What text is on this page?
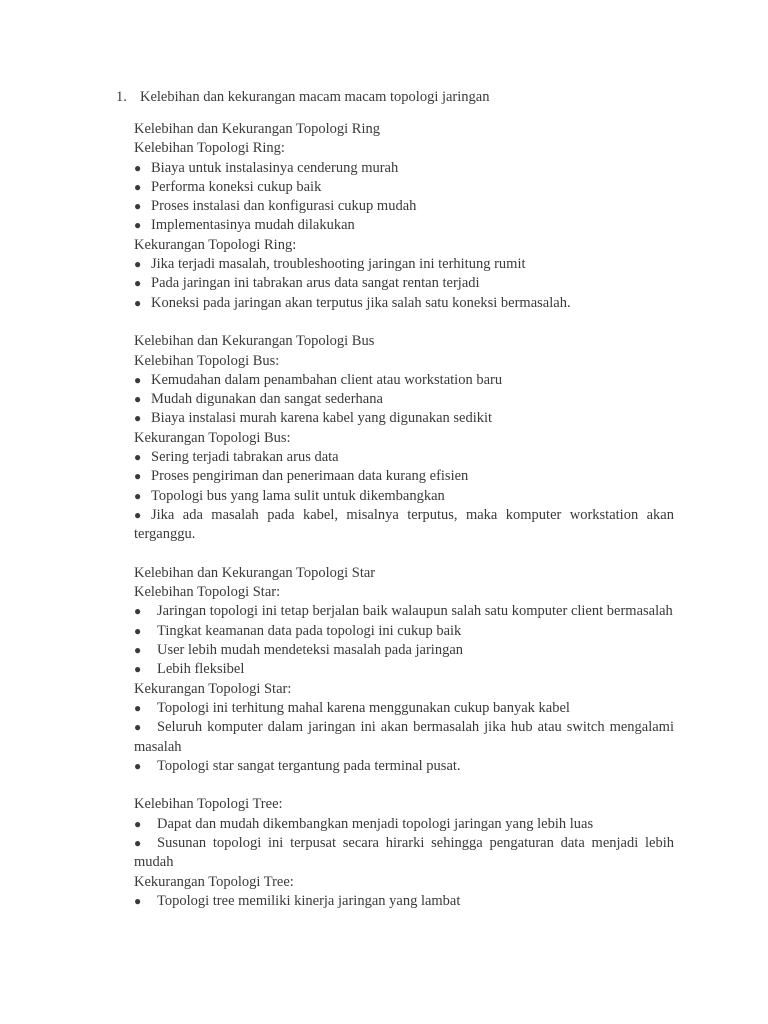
1. Kelebihan dan kekurangan macam macam topologi jaringan
Kelebihan dan Kekurangan Topologi Ring
Kelebihan Topologi Ring:
● Biaya untuk instalasinya cenderung murah
● Performa koneksi cukup baik
● Proses instalasi dan konfigurasi cukup mudah
● Implementasinya mudah dilakukan
Kekurangan Topologi Ring:
● Jika terjadi masalah, troubleshooting jaringan ini terhitung rumit
● Pada jaringan ini tabrakan arus data sangat rentan terjadi
● Koneksi pada jaringan akan terputus jika salah satu koneksi bermasalah.
Kelebihan dan Kekurangan Topologi Bus
Kelebihan Topologi Bus:
● Kemudahan dalam penambahan client atau workstation baru
● Mudah digunakan dan sangat sederhana
● Biaya instalasi murah karena kabel yang digunakan sedikit
Kekurangan Topologi Bus:
● Sering terjadi tabrakan arus data
● Proses pengiriman dan penerimaan data kurang efisien
● Topologi bus yang lama sulit untuk dikembangkan
● Jika ada masalah pada kabel, misalnya terputus, maka komputer workstation akan terganggu.
Kelebihan dan Kekurangan Topologi Star
Kelebihan Topologi Star:
● Jaringan topologi ini tetap berjalan baik walaupun salah satu komputer client bermasalah
● Tingkat keamanan data pada topologi ini cukup baik
● User lebih mudah mendeteksi masalah pada jaringan
● Lebih fleksibel
Kekurangan Topologi Star:
● Topologi ini terhitung mahal karena menggunakan cukup banyak kabel
● Seluruh komputer dalam jaringan ini akan bermasalah jika hub atau switch mengalami masalah
● Topologi star sangat tergantung pada terminal pusat.
Kelebihan Topologi Tree:
● Dapat dan mudah dikembangkan menjadi topologi jaringan yang lebih luas
● Susunan topologi ini terpusat secara hirarki sehingga pengaturan data menjadi lebih mudah
Kekurangan Topologi Tree:
● Topologi tree memiliki kinerja jaringan yang lambat
